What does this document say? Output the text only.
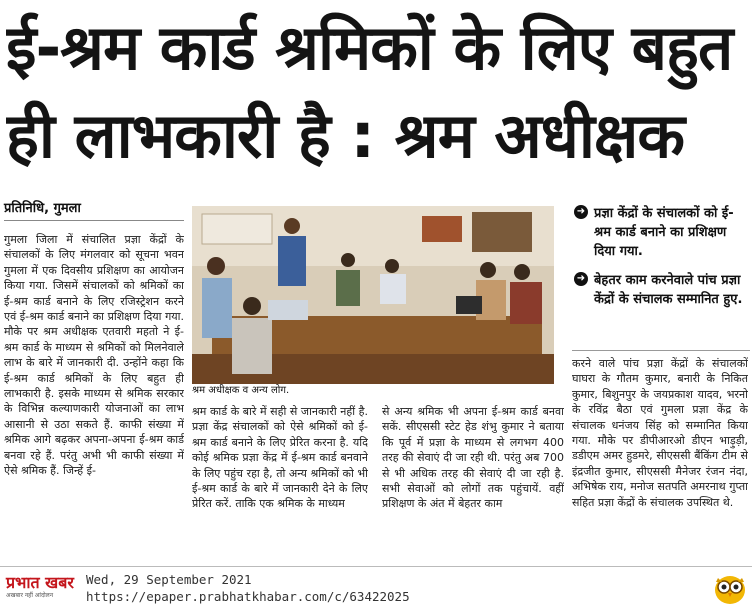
ई-श्रम कार्ड श्रमिकों के लिए बहुत
ही लाभकारी है : श्रम अधीक्षक
प्रतिनिधि, गुमला
गुमला जिला में संचालित प्रज्ञा केंद्रों के संचालकों के लिए मंगलवार को सूचना भवन गुमला में एक दिवसीय प्रशिक्षण का आयोजन किया गया. जिसमें संचालकों को श्रमिकों का ई-श्रम कार्ड बनाने के लिए रजिस्ट्रेशन करने एवं ई-श्रम कार्ड बनाने का प्रशिक्षण दिया गया. मौके पर श्रम अधीक्षक एतवारी महतो ने ई-श्रम कार्ड के माध्यम से श्रमिकों को मिलनेवाले लाभ के बारे में जानकारी दी. उन्होंने कहा कि ई-श्रम कार्ड श्रमिकों के लिए बहुत ही लाभकारी है. इसके माध्यम से श्रमिक सरकार के विभिन्न कल्याणकारी योजनाओं का लाभ आसानी से उठा सकते हैं. काफी संख्या में श्रमिक आगे बढ़कर अपना-अपना ई-श्रम कार्ड बनवा रहे हैं. परंतु अभी भी काफी संख्या में ऐसे श्रमिक हैं. जिन्हें ई-
श्रम अधीक्षक व अन्य लोग.
➜ प्रज्ञा केंद्रों के संचालकों को ई-श्रम कार्ड बनाने का प्रशिक्षण दिया गया.
➜ बेहतर काम करनेवाले पांच प्रज्ञा केंद्रों के संचालक सम्मानित हुए.
श्रम कार्ड के बारे में सही से जानकारी नहीं है. प्रज्ञा केंद्र संचालकों को ऐसे श्रमिकों को ई-श्रम कार्ड बनाने के लिए प्रेरित करना है. यदि कोई श्रमिक प्रज्ञा केंद्र में ई-श्रम कार्ड बनवाने के लिए पहुंच रहा है, तो अन्य श्रमिकों को भी ई-श्रम कार्ड के बारे में जानकारी देने के लिए प्रेरित करें. ताकि एक श्रमिक के माध्यम
से अन्य श्रमिक भी अपना ई-श्रम कार्ड बनवा सकें. सीएससी स्टेट हेड शंभु कुमार ने बताया कि पूर्व में प्रज्ञा के माध्यम से लगभग 400 तरह की सेवाएं दी जा रही थी. परंतु अब 700 से भी अधिक तरह की सेवाएं दी जा रही है. सभी सेवाओं को लोगों तक पहुंचायें. वहीं प्रशिक्षण के अंत में बेहतर काम
करने वाले पांच प्रज्ञा केंद्रों के संचालकों घाघरा के गौतम कुमार, बनारी के निकित कुमार, बिशुनपुर के जयप्रकाश यादव, भरनो के रविंद्र बैठा एवं गुमला प्रज्ञा केंद्र के संचालक धनंजय सिंह को सम्मानित किया गया. मौके पर डीपीआरओ डीएन भाड़ुड़ी, डडीएम अमर हुडमरे, सीएससी बैंकिंग टीम से इंद्रजीत कुमार, सीएससी मैनेजर रंजन नंदा, अभिषेक राय, मनोज सतपति अमरनाथ गुप्ता सहित प्रज्ञा केंद्रों के संचालक उपस्थित थे.
प्रभात खबर
अखबार नहीं आंदोलन
Wed, 29 September 2021
https://epaper.prabhatkhabar.com/c/63422025
